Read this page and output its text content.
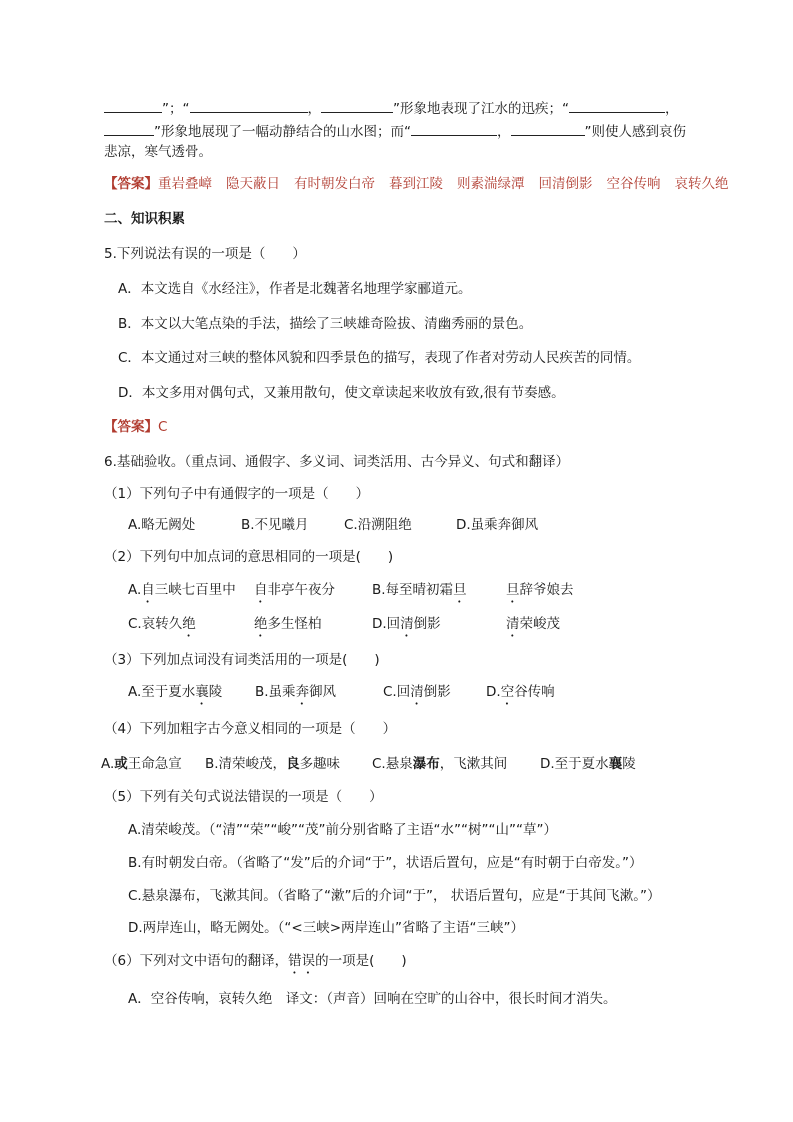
”；“	，	”形象地表现了江水的迅疾；“	，
”形象地展现了一幅动静结合的山水图；而“	，	”则使人感到哀伤
悲凉，寒气透骨。
【答案】重岩叠嶂 隐天蔽日 有时朝发白帝 暮到江陵 则素湍绿潭 回清倒影 空谷传响 哀转久绝
二、知识积累
5.下列说法有误的一项是（　　）
A．本文选自《水经注》，作者是北魏著名地理学家郦道元。
B．本文以大笔点染的手法，描绘了三峡雄奇险拔、清幽秀丽的景色。
C．本文通过对三峡的整体风貌和四季景色的描写，表现了作者对劳动人民疾苦的同情。
D．本文多用对偶句式，又兼用散句，使文章读起来收放有致,很有节奏感。
【答案】C
6.基础验收。（重点词、通假字、多义词、词类活用、古今异义、句式和翻译）
（1）下列句子中有通假字的一项是（　　）
A.略无阙处	B.不见曦月	C.沿溯阻绝	D.虽乘奔御风
（2）下列句中加点词的意思相同的一项是(　　)
A.自三峡七百里中 自非亭午夜分	B.每至晴初霜旦	旦辞爷娘去
C.哀转久绝	绝多生怪柏	D.回清倒影	清荣峻茂
（3）下列加点词没有词类活用的一项是(　　)
A.至于夏水襄陵 B.虽乘奔御风	C.回清倒影	D.空谷传响
（4）下列加粗字古今意义相同的一项是（　　）
A.或王命急宣 B.清荣峻茂，良多趣味 C.悬泉瀑布，飞漱其间 D.至于夏水襄陵
（5）下列有关句式说法错误的一项是（　　）
A.清荣峻茂。（“清”“荣”“峻”“茂”前分别省略了主语“水”“树”“山”“草”）
B.有时朝发白帝。（省略了“发”后的介词“于”，状语后置句，应是“有时朝于白帝发。”）
C.悬泉瀑布，飞漱其间。（省略了“漱”后的介词“于”， 状语后置句，应是“于其间飞漱。”）
D.两岸连山，略无阙处。（“<三峡>两岸连山”省略了主语“三峡”）
（6）下列对文中语句的翻译，错误的一项是(　　)
A．空谷传响，哀转久绝　译文：（声音）回响在空旷的山谷中，很长时间才消失。
